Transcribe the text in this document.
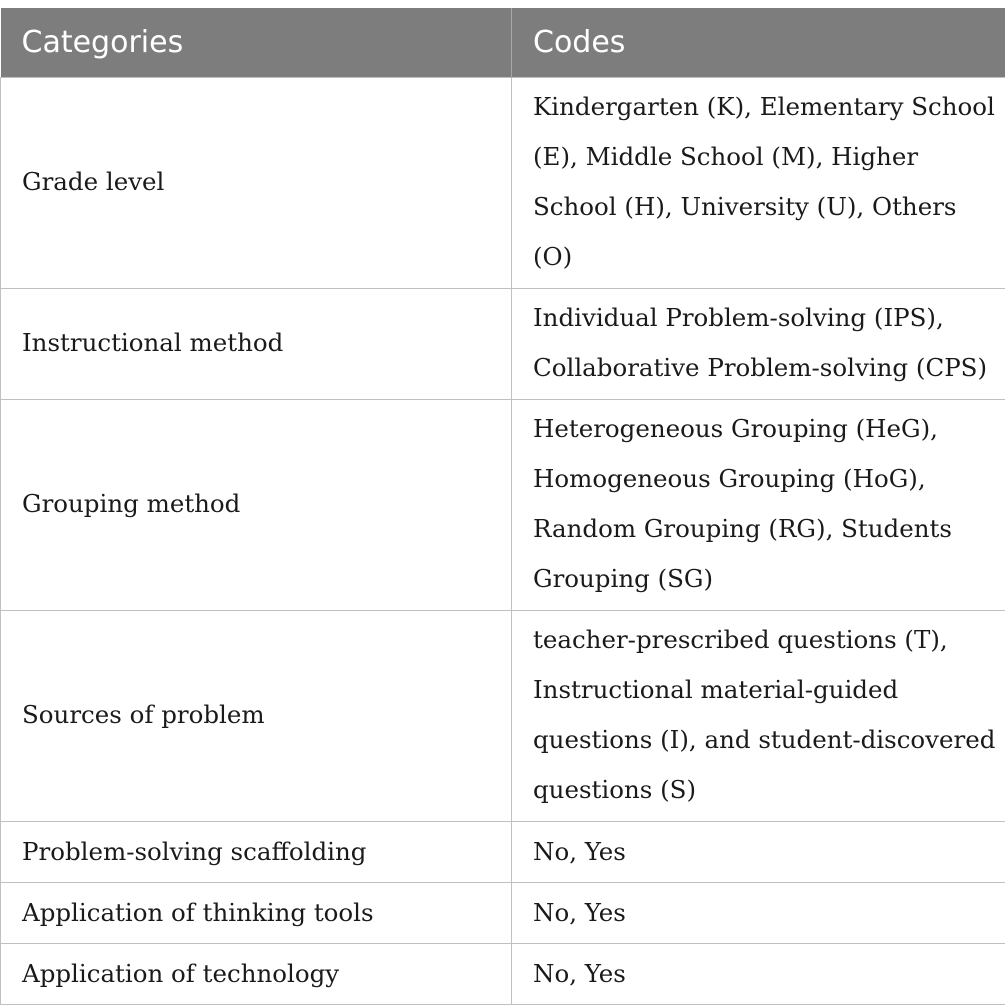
Categories	Codes
Grade level	Kindergarten (K), Elementary School (E), Middle School (M), Higher School (H), University (U), Others (O)
Instructional method	Individual Problem-solving (IPS), Collaborative Problem-solving (CPS)
Grouping method	Heterogeneous Grouping (HeG), Homogeneous Grouping (HoG), Random Grouping (RG), Students Grouping (SG)
Sources of problem	teacher-prescribed questions (T), Instructional material-guided questions (I), and student-discovered questions (S)
Problem-solving scaffolding	No, Yes
Application of thinking tools	No, Yes
Application of technology	No, Yes
